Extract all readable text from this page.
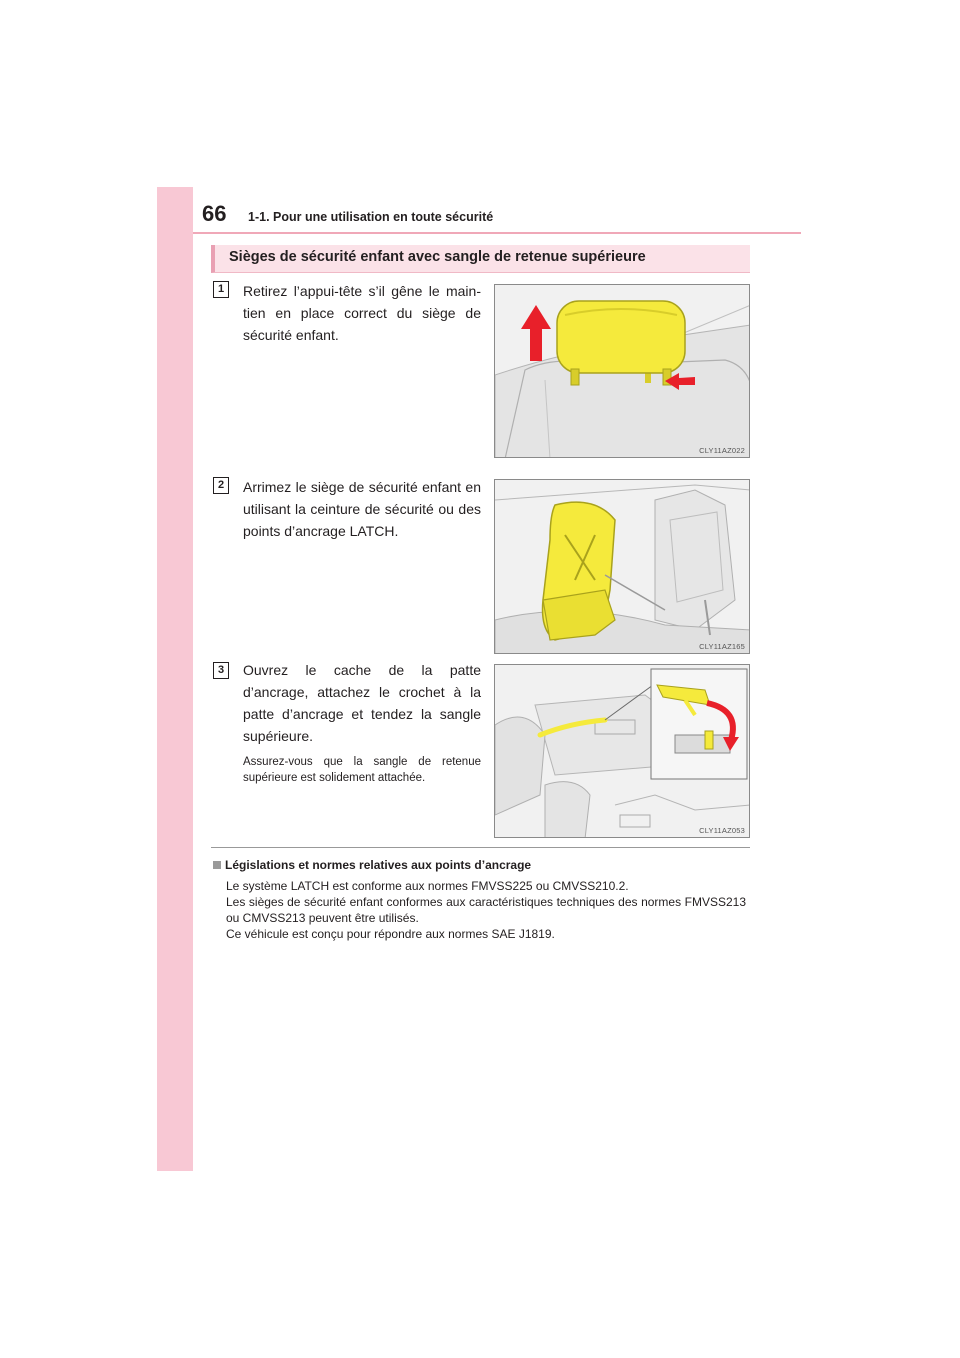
66 1-1. Pour une utilisation en toute sécurité
Sièges de sécurité enfant avec sangle de retenue supérieure
1	Retirez l’appui-tête s’il gêne le main-tien en place correct du siège de sécurité enfant.
CLY11AZ022
2	Arrimez le siège de sécurité enfant en utilisant la ceinture de sécurité ou des points d’ancrage LATCH.
CLY11AZ165
3	Ouvrez le cache de la patte d’ancrage, attachez le crochet à la patte d’ancrage et tendez la sangle supérieure.
Assurez-vous que la sangle de retenue supérieure est solidement attachée.
CLY11AZ053
Législations et normes relatives aux points d’ancrage

Le système LATCH est conforme aux normes FMVSS225 ou CMVSS210.2.

Les sièges de sécurité enfant conformes aux caractéristiques techniques des normes FMVSS213 ou CMVSS213 peuvent être utilisés.

Ce véhicule est conçu pour répondre aux normes SAE J1819.
